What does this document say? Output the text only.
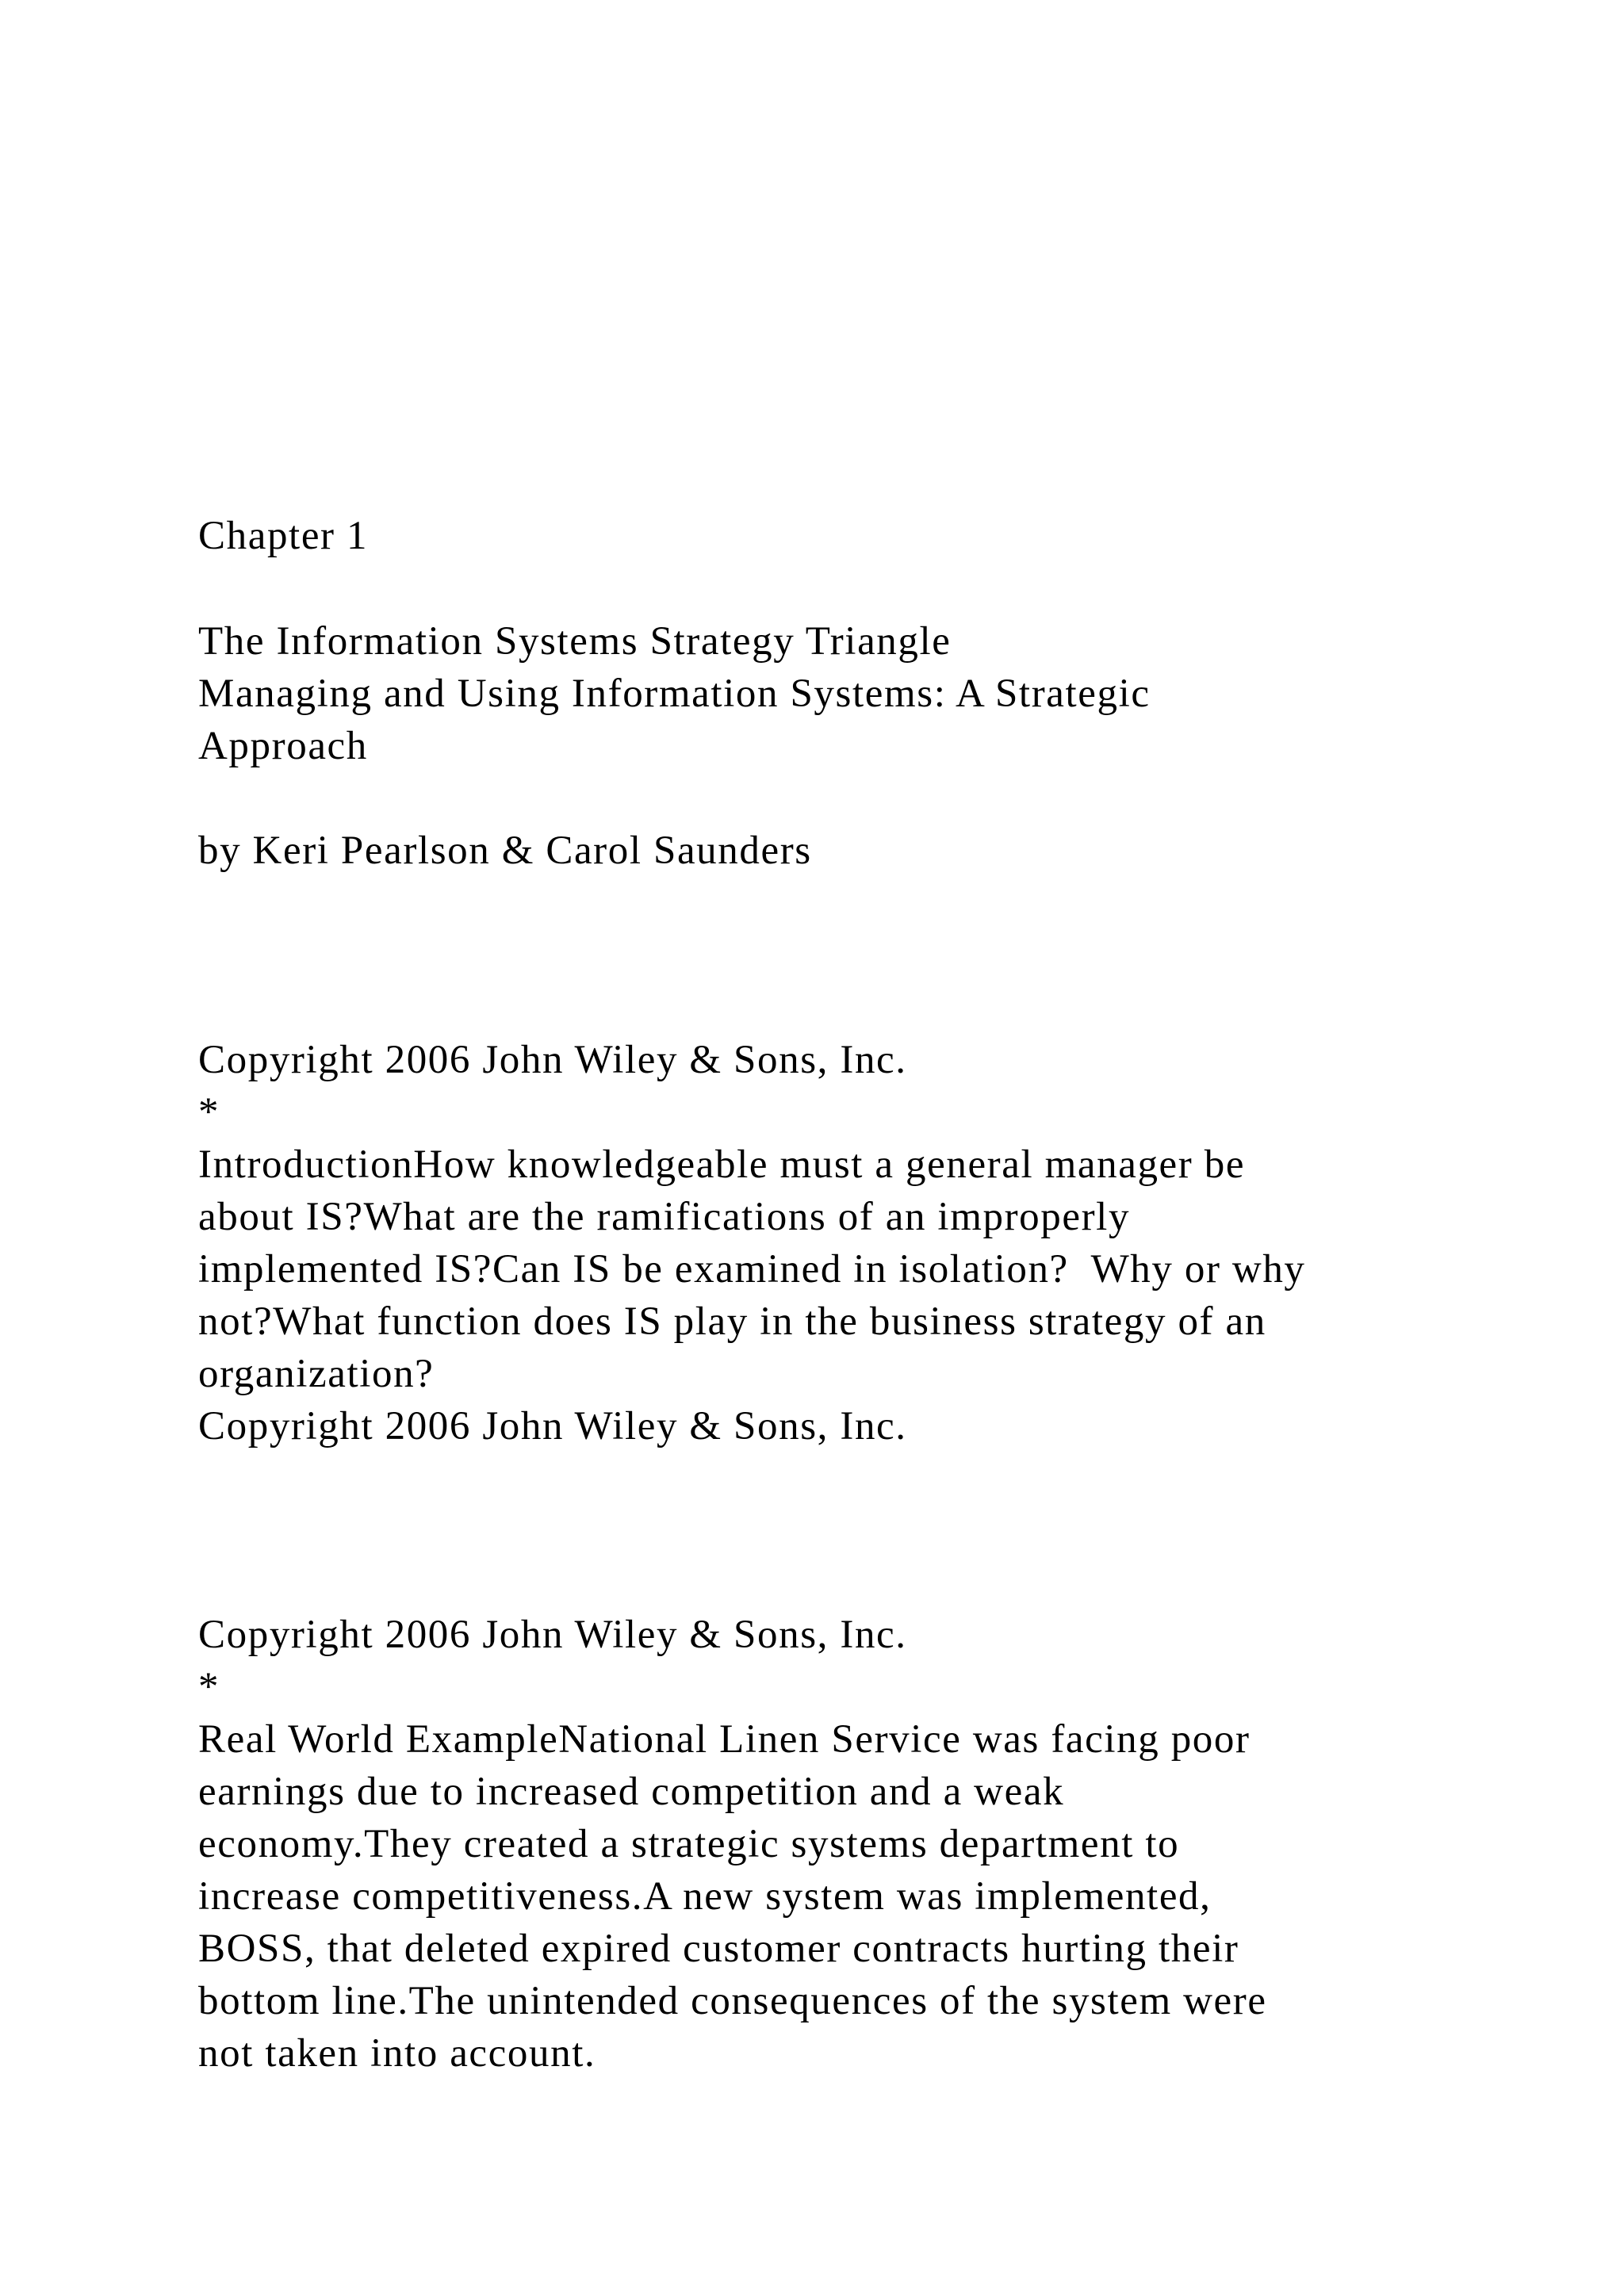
Chapter 1

The Information Systems Strategy Triangle

Managing and Using Information Systems: A Strategic

Approach

by Keri Pearlson & Carol Saunders

Copyright 2006 John Wiley & Sons, Inc.

*

IntroductionHow knowledgeable must a general manager be

about IS?What are the ramifications of an improperly

implemented IS?Can IS be examined in isolation?  Why or why

not?What function does IS play in the business strategy of an

organization?

Copyright 2006 John Wiley & Sons, Inc.

Copyright 2006 John Wiley & Sons, Inc.

*

Real World ExampleNational Linen Service was facing poor

earnings due to increased competition and a weak

economy.They created a strategic systems department to

increase competitiveness.A new system was implemented,

BOSS, that deleted expired customer contracts hurting their

bottom line.The unintended consequences of the system were

not taken into account.
